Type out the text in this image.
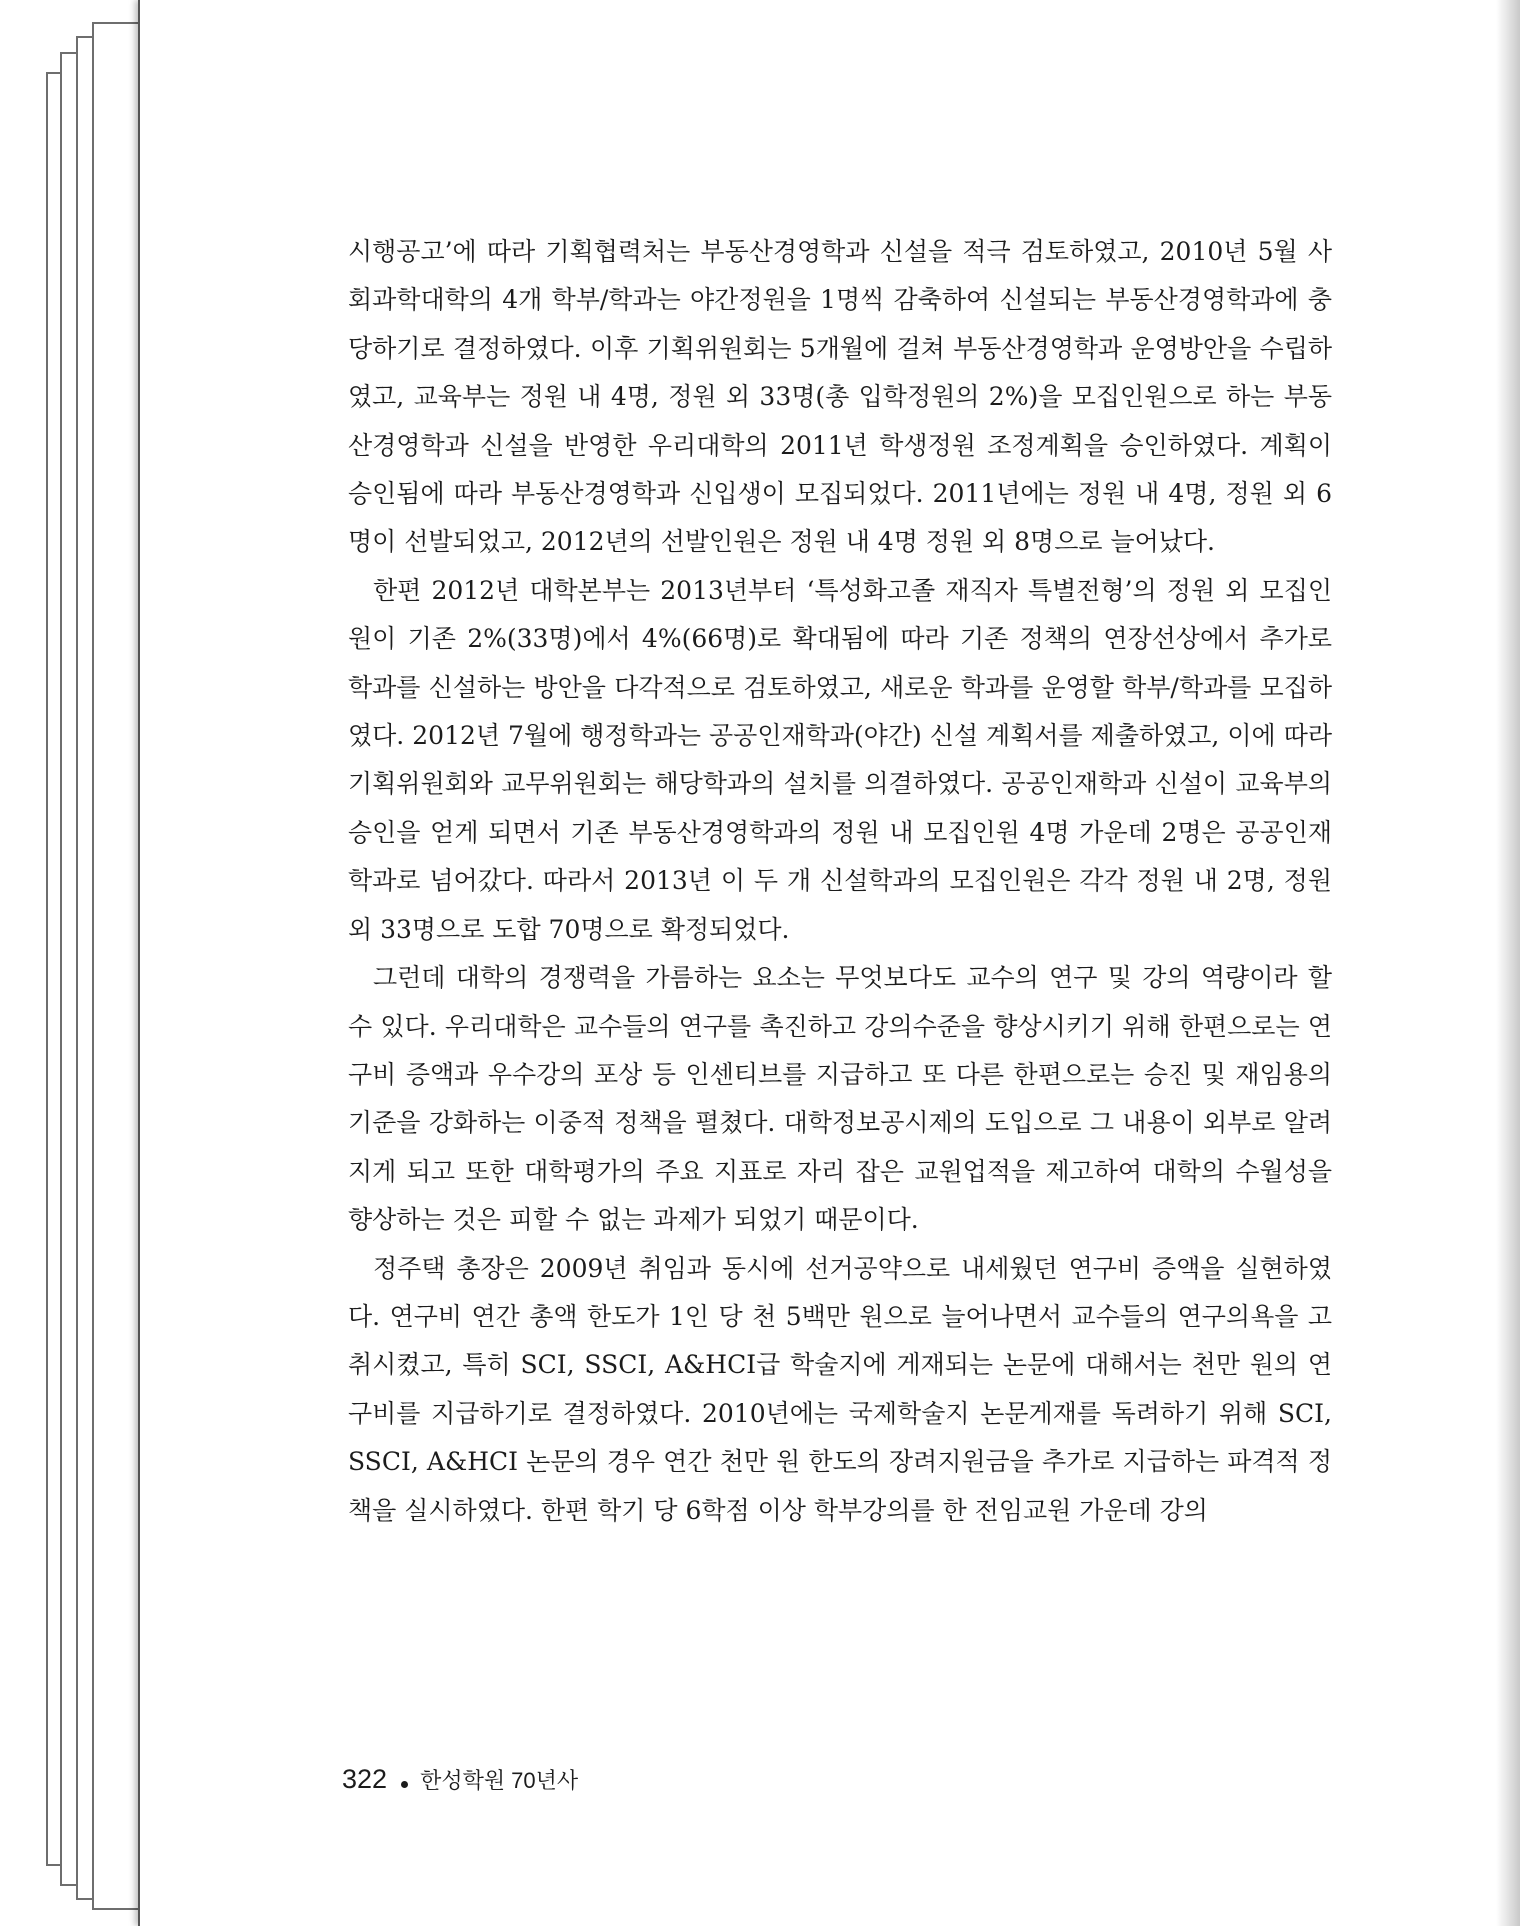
시행공고’에 따라 기획협력처는 부동산경영학과 신설을 적극 검토하였고, 2010년 5월 사회과학대학의 4개 학부/학과는 야간정원을 1명씩 감축하여 신설되는 부동산경영학과에 충당하기로 결정하였다. 이후 기획위원회는 5개월에 걸쳐 부동산경영학과 운영방안을 수립하였고, 교육부는 정원 내 4명, 정원 외 33명(총 입학정원의 2%)을 모집인원으로 하는 부동산경영학과 신설을 반영한 우리대학의 2011년 학생정원 조정계획을 승인하였다. 계획이 승인됨에 따라 부동산경영학과 신입생이 모집되었다. 2011년에는 정원 내 4명, 정원 외 6명이 선발되었고, 2012년의 선발인원은 정원 내 4명 정원 외 8명으로 늘어났다.

한편 2012년 대학본부는 2013년부터 ‘특성화고졸 재직자 특별전형’의 정원 외 모집인원이 기존 2%(33명)에서 4%(66명)로 확대됨에 따라 기존 정책의 연장선상에서 추가로 학과를 신설하는 방안을 다각적으로 검토하였고, 새로운 학과를 운영할 학부/학과를 모집하였다. 2012년 7월에 행정학과는 공공인재학과(야간) 신설 계획서를 제출하였고, 이에 따라 기획위원회와 교무위원회는 해당학과의 설치를 의결하였다. 공공인재학과 신설이 교육부의 승인을 얻게 되면서 기존 부동산경영학과의 정원 내 모집인원 4명 가운데 2명은 공공인재학과로 넘어갔다. 따라서 2013년 이 두 개 신설학과의 모집인원은 각각 정원 내 2명, 정원 외 33명으로 도합 70명으로 확정되었다.

그런데 대학의 경쟁력을 가름하는 요소는 무엇보다도 교수의 연구 및 강의 역량이라 할 수 있다. 우리대학은 교수들의 연구를 촉진하고 강의수준을 향상시키기 위해 한편으로는 연구비 증액과 우수강의 포상 등 인센티브를 지급하고 또 다른 한편으로는 승진 및 재임용의 기준을 강화하는 이중적 정책을 펼쳤다. 대학정보공시제의 도입으로 그 내용이 외부로 알려지게 되고 또한 대학평가의 주요 지표로 자리 잡은 교원업적을 제고하여 대학의 수월성을 향상하는 것은 피할 수 없는 과제가 되었기 때문이다.

정주택 총장은 2009년 취임과 동시에 선거공약으로 내세웠던 연구비 증액을 실현하였다. 연구비 연간 총액 한도가 1인 당 천 5백만 원으로 늘어나면서 교수들의 연구의욕을 고취시켰고, 특히 SCI, SSCI, A&HCI급 학술지에 게재되는 논문에 대해서는 천만 원의 연구비를 지급하기로 결정하였다. 2010년에는 국제학술지 논문게재를 독려하기 위해 SCI, SSCI, A&HCI 논문의 경우 연간 천만 원 한도의 장려지원금을 추가로 지급하는 파격적 정책을 실시하였다. 한편 학기 당 6학점 이상 학부강의를 한 전임교원 가운데 강의

322 한성학원 70년사
